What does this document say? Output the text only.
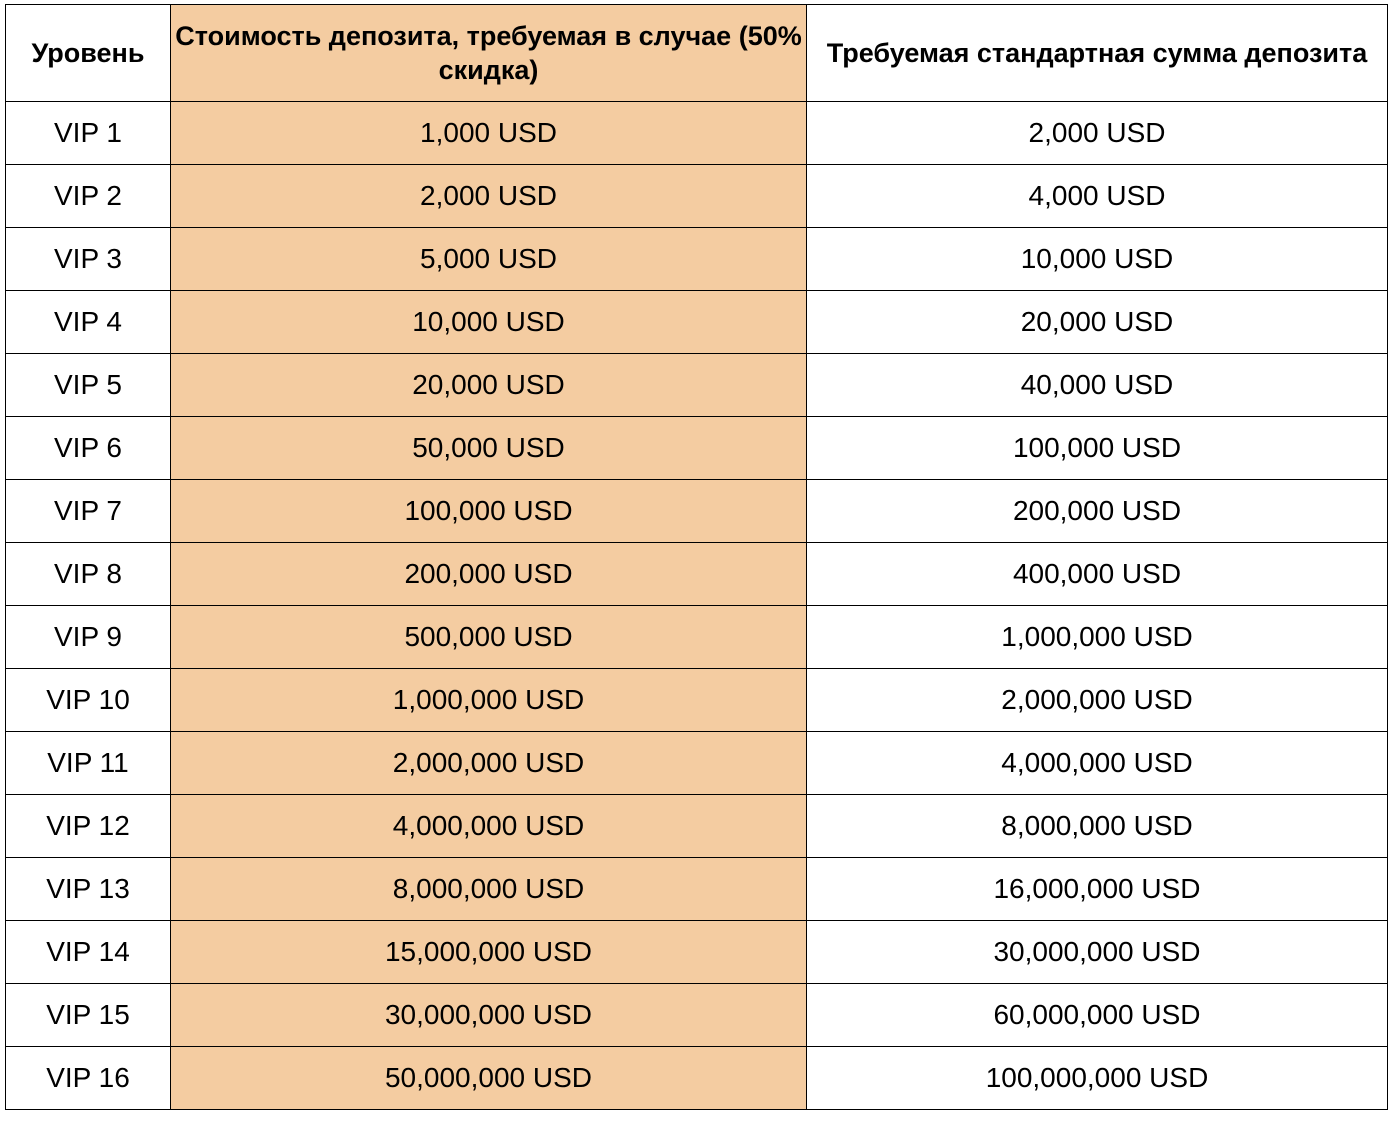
Уровень	Стоимость депозита, требуемая в случае (50% скидка)	Требуемая стандартная сумма депозита
VIP 1	1,000 USD	2,000 USD
VIP 2	2,000 USD	4,000 USD
VIP 3	5,000 USD	10,000 USD
VIP 4	10,000 USD	20,000 USD
VIP 5	20,000 USD	40,000 USD
VIP 6	50,000 USD	100,000 USD
VIP 7	100,000 USD	200,000 USD
VIP 8	200,000 USD	400,000 USD
VIP 9	500,000 USD	1,000,000 USD
VIP 10	1,000,000 USD	2,000,000 USD
VIP 11	2,000,000 USD	4,000,000 USD
VIP 12	4,000,000 USD	8,000,000 USD
VIP 13	8,000,000 USD	16,000,000 USD
VIP 14	15,000,000 USD	30,000,000 USD
VIP 15	30,000,000 USD	60,000,000 USD
VIP 16	50,000,000 USD	100,000,000 USD
